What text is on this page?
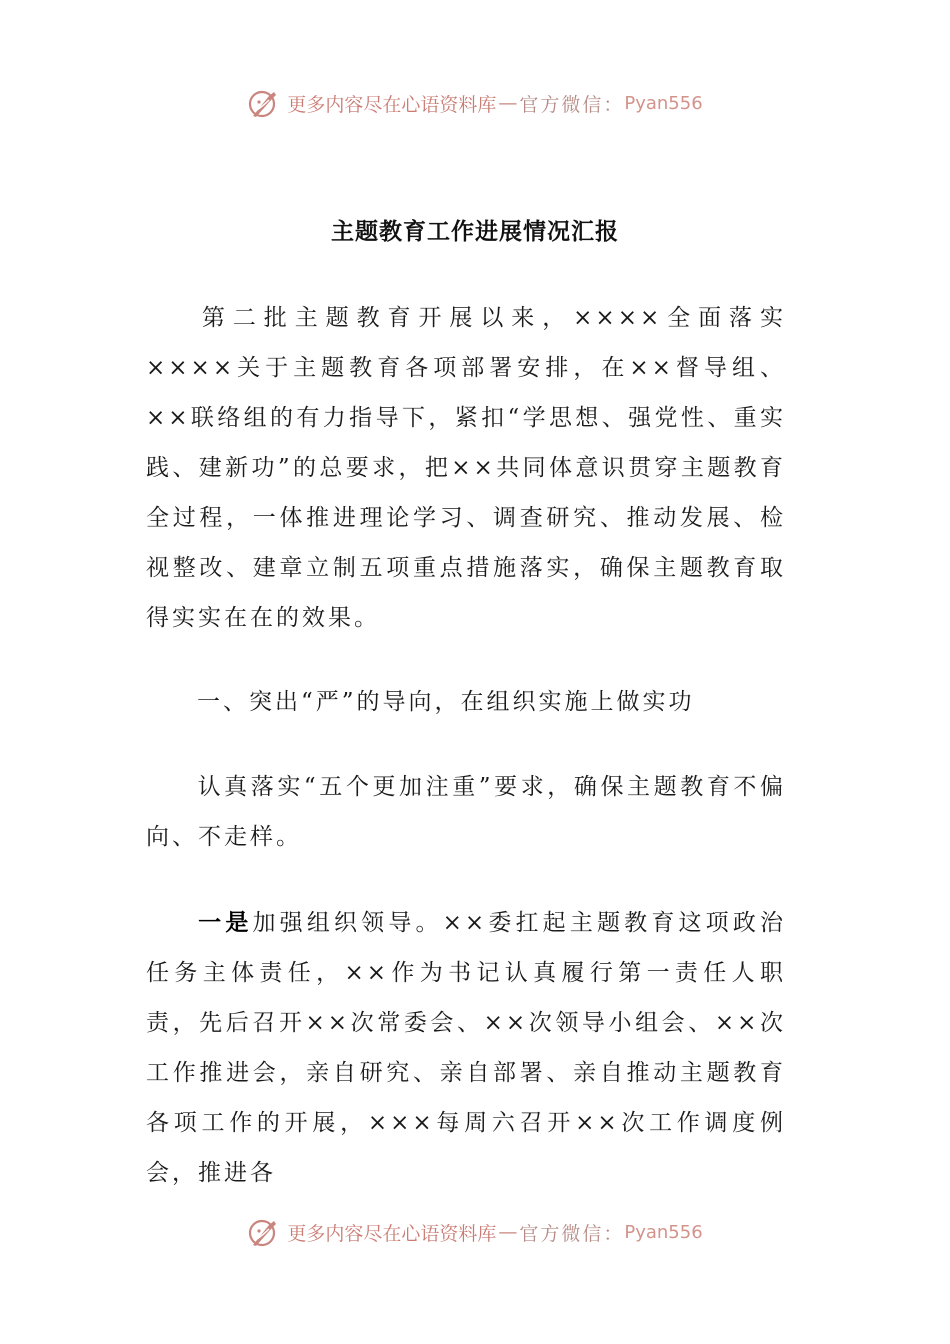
更多内容尽在心语资料库 — 官方微信： Pyan556
主题教育工作进展情况汇报

第二批主题教育开展以来，××××全面落实××××关于主题教育各项部署安排，在××督导组、××联络组的有力指导下，紧扣“学思想、强党性、重实践、建新功”的总要求，把××共同体意识贯穿主题教育全过程，一体推进理论学习、调查研究、推动发展、检视整改、建章立制五项重点措施落实，确保主题教育取得实实在在的效果。

一、突出“严”的导向，在组织实施上做实功

认真落实“五个更加注重”要求，确保主题教育不偏向、不走样。

一是加强组织领导。××委扛起主题教育这项政治任务主体责任，××作为书记认真履行第一责任人职责，先后召开××次常委会、××次领导小组会、××次工作推进会，亲自研究、亲自部署、亲自推动主题教育各项工作的开展，×××每周六召开××次工作调度例会，推进各

更多内容尽在心语资料库 — 官方微信： Pyan556
